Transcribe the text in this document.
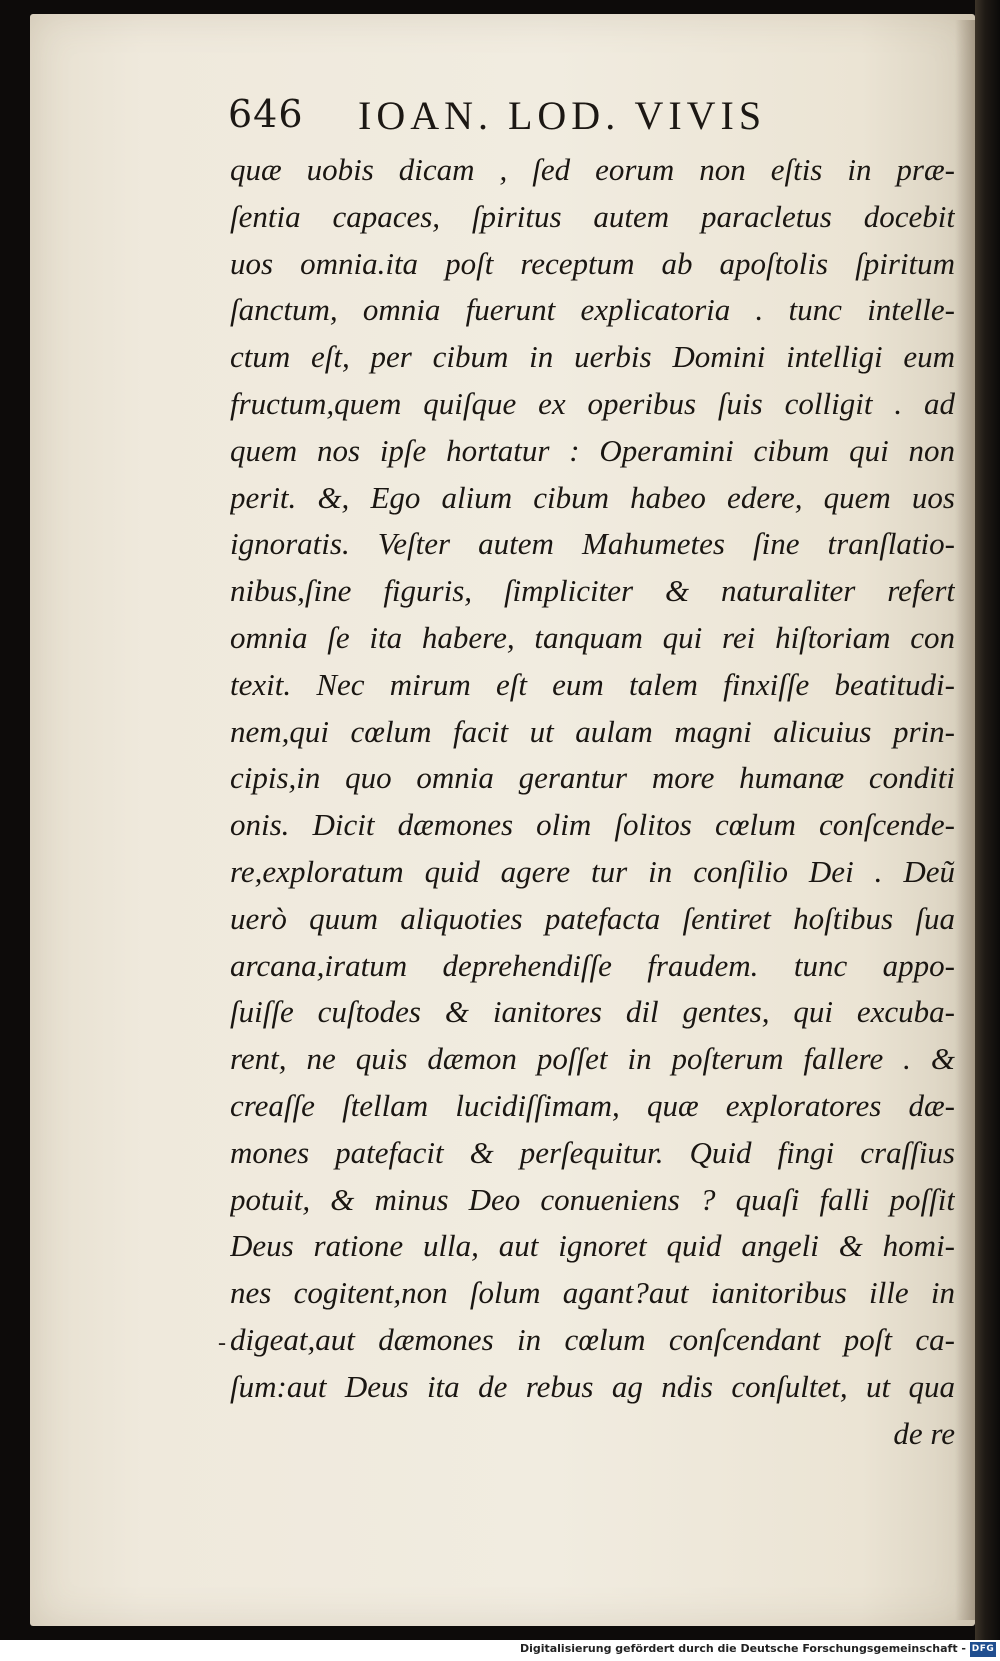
646 IOAN. LOD. VIVIS
quæ uobis dicam , ſed eorum non eſtis in præ-
ſentia capaces, ſpiritus autem paracletus docebit
uos omnia.ita poſt receptum ab apoſtolis ſpiritum
ſanctum, omnia fuerunt explicatoria . tunc intelle-
ctum eſt, per cibum in uerbis Domini intelligi eum
fructum,quem quiſque ex operibus ſuis colligit . ad
quem nos ipſe hortatur : Operamini cibum qui non
perit. &, Ego alium cibum habeo edere, quem uos
ignoratis. Veſter autem Mahumetes ſine tranſlatio-
nibus,ſine figuris, ſimpliciter & naturaliter refert
omnia ſe ita habere, tanquam qui rei hiſtoriam con
texit. Nec mirum eſt eum talem finxiſſe beatitudi-
nem,qui cœlum facit ut aulam magni alicuius prin-
cipis,in quo omnia gerantur more humanæ conditi
onis. Dicit dæmones olim ſolitos cœlum conſcende-
re,exploratum quid agere tur in conſilio Dei . Deũ
uerò quum aliquoties patefacta ſentiret hoſtibus ſua
arcana,iratum deprehendiſſe fraudem. tunc appo-
ſuiſſe cuſtodes & ianitores dil gentes, qui excuba-
rent, ne quis dæmon poſſet in poſterum fallere . &
creaſſe ſtellam lucidiſſimam, quæ exploratores dæ-
mones patefacit & perſequitur. Quid fingi craſſius
potuit, & minus Deo conueniens ? quaſi falli poſſit
Deus ratione ulla, aut ignoret quid angeli & homi-
nes cogitent,non ſolum agant?aut ianitoribus ille in
digeat,aut dæmones in cœlum conſcendant poſt ca-
ſum:aut Deus ita de rebus ag ndis conſultet, ut qua
de re
-
Digitalisierung gefördert durch die Deutsche Forschungsgemeinschaft - DFG
